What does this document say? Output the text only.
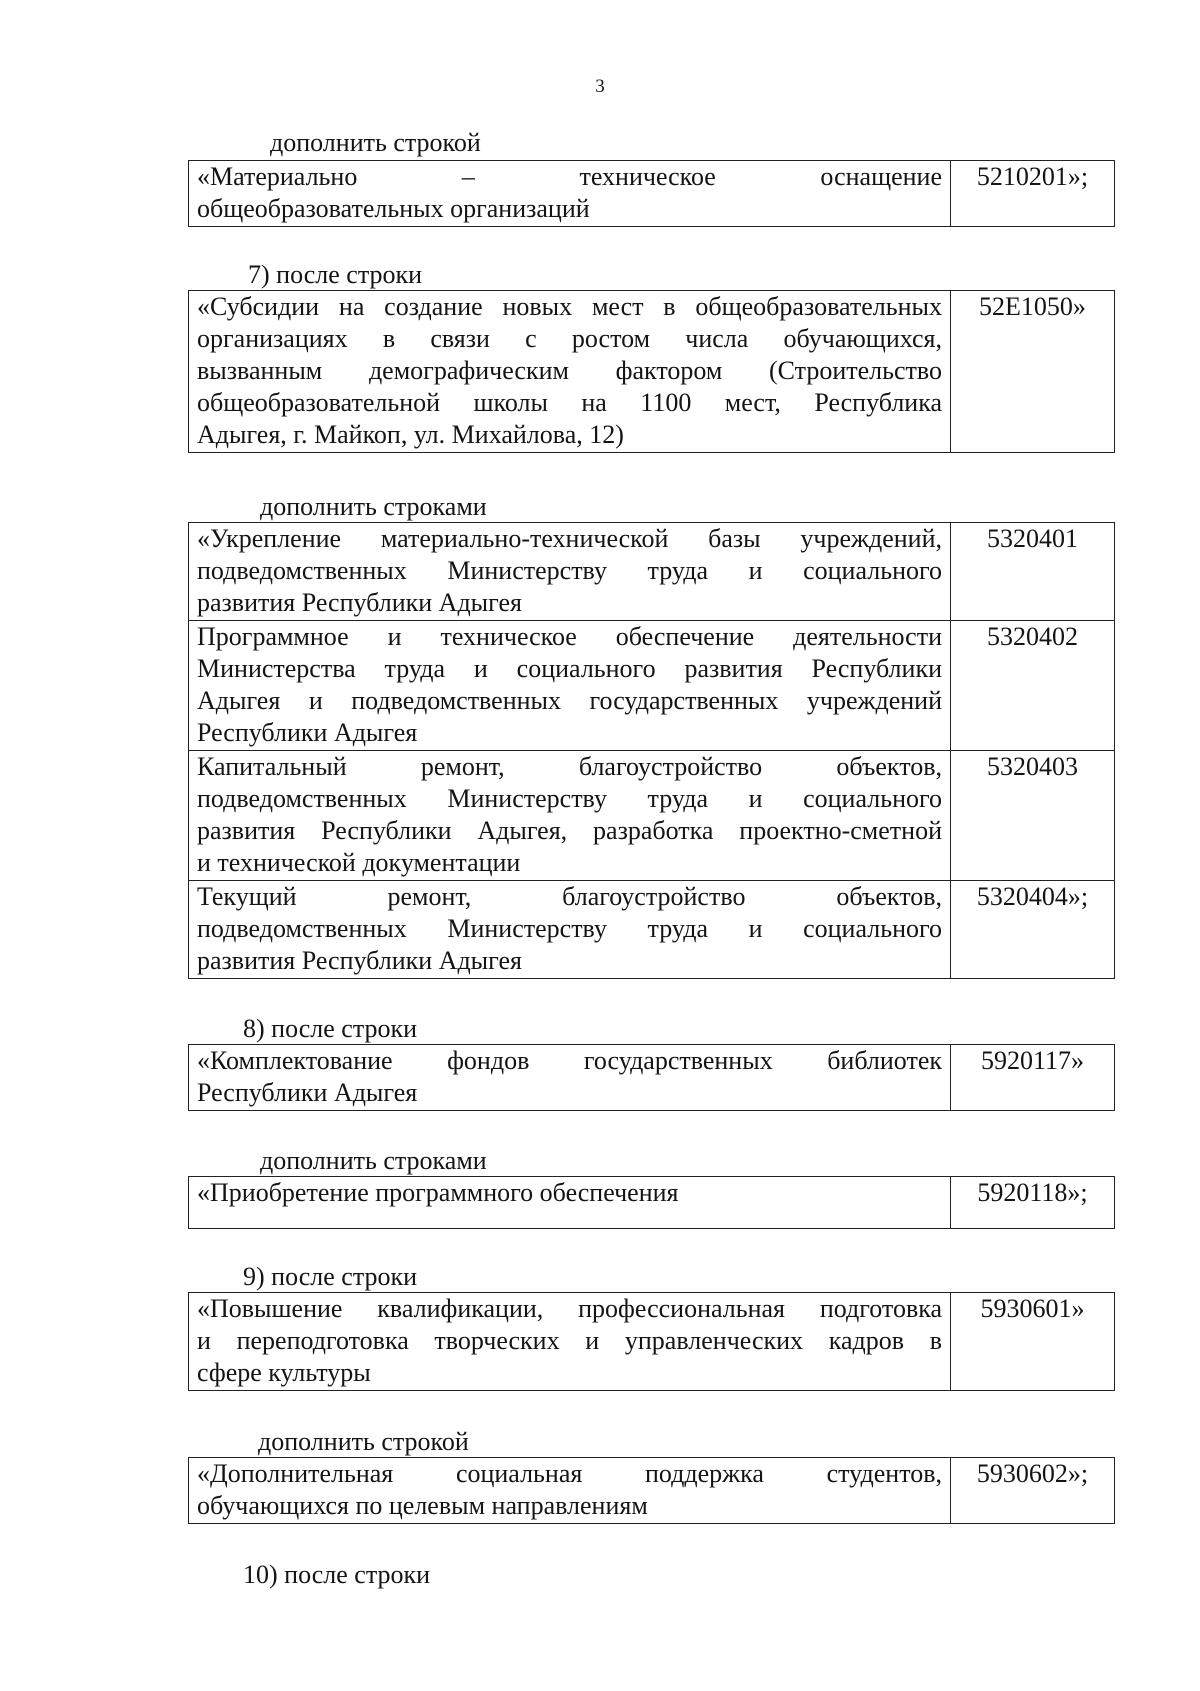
3
дополнить строкой
«Материально – техническое оснащение
общеобразовательных организаций
	5210201»;
7) после строки
«Субсидии на создание новых мест в общеобразовательных
организациях в связи с ростом числа обучающихся,
вызванным демографическим фактором (Строительство
общеобразовательной школы на 1100 мест, Республика
Адыгея, г. Майкоп, ул. Михайлова, 12)
	52E1050»
дополнить строками
«Укрепление материально-технической базы учреждений,
подведомственных Министерству труда и социального
развития Республики Адыгея	5320401

Программное и техническое обеспечение деятельности
Министерства труда и социального развития Республики
Адыгея и подведомственных государственных учреждений
Республики Адыгея	5320402

Капитальный ремонт, благоустройство объектов,
подведомственных Министерству труда и социального
развития Республики Адыгея, разработка проектно-сметной
и технической документации	5320403

Текущий ремонт, благоустройство объектов,
подведомственных Министерству труда и социального
развития Республики Адыгея	5320404»;
8) после строки
«Комплектование фондов государственных библиотек
Республики Адыгея
	5920117»
дополнить строками
«Приобретение программного обеспечения	5920118»;
9) после строки
«Повышение квалификации, профессиональная подготовка
и переподготовка творческих и управленческих кадров в
сфере культуры
	5930601»
дополнить строкой
«Дополнительная социальная поддержка студентов,
обучающихся по целевым направлениям
	5930602»;
10) после строки
